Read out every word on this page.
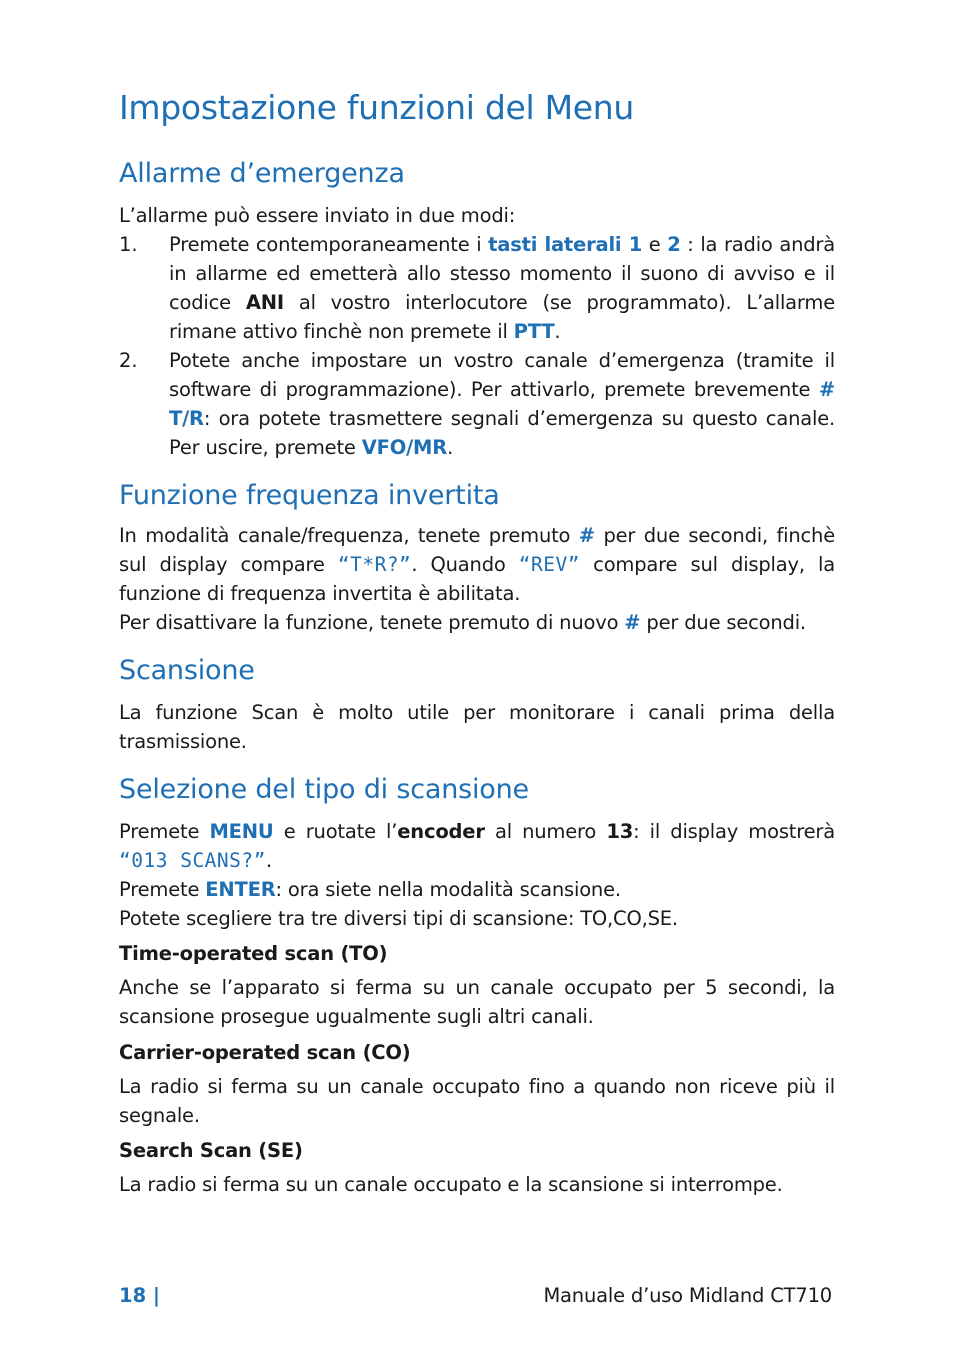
Impostazione funzioni del Menu
Allarme d’emergenza

L’allarme può essere inviato in due modi:

1. Premete contemporaneamente i tasti laterali 1 e 2 : la radio andrà in allarme ed emetterà allo stesso momento il suono di avviso e il codice ANI al vostro interlocutore (se programmato). L’allarme rimane attivo finchè non premete il PTT.
2. Potete anche impostare un vostro canale d’emergenza (tramite il software di programmazione). Per attivarlo, premete brevemente # T/R: ora potete trasmettere segnali d’emergenza su questo canale. Per uscire, premete VFO/MR.
Funzione frequenza invertita

In modalità canale/frequenza, tenete premuto # per due secondi, finchè sul display compare “T*R?”. Quando “REV” compare sul display, la funzione di frequenza invertita è abilitata.

Per disattivare la funzione, tenete premuto di nuovo # per due secondi.

Scansione

La funzione Scan è molto utile per monitorare i canali prima della trasmissione.

Selezione del tipo di scansione

Premete MENU e ruotate l’encoder al numero 13: il display mostrerà “013 SCANS?”.

Premete ENTER: ora siete nella modalità scansione.

Potete scegliere tra tre diversi tipi di scansione: TO,CO,SE.

Time-operated scan (TO)

Anche se l’apparato si ferma su un canale occupato per 5 secondi, la scansione prosegue ugualmente sugli altri canali.

Carrier-operated scan (CO)

La radio si ferma su un canale occupato fino a quando non riceve più il segnale.

Search Scan (SE)

La radio si ferma su un canale occupato e la scansione si interrompe.

18 |	Manuale d’uso Midland CT710
